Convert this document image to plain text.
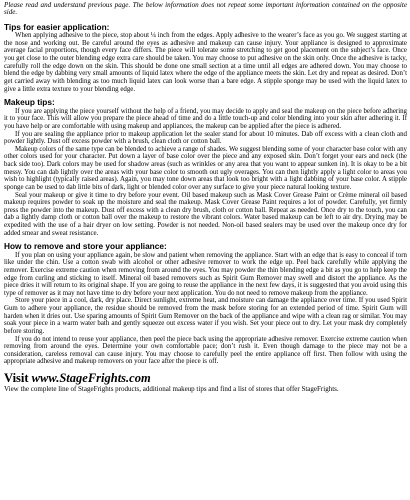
Please read and understand previous page. The below information does not repeat some important information contained on the opposite side.

Tips for easier application:

When applying adhesive to the piece, stop about ¼ inch from the edges. Apply adhesive to the wearer’s face as you go. We suggest starting at the nose and working out. Be careful around the eyes as adhesive and makeup can cause injury. Your appliance is designed to approximate average facial proportions, though every face differs. The piece will tolerate some stretching to get good placement on the subject’s face. Once you get close to the outer blending edge extra care should be taken. You may choose to put adhesive on the skin only. Once the adhesive is tacky, carefully roll the edge down on the skin. This should be done one small section at a time until all edges are adhered down. You may choose to blend the edge by dabbing very small amounts of liquid latex where the edge of the appliance meets the skin. Let dry and repeat as desired. Don’t get carried away with blending as too much liquid latex can look worse than a bare edge. A stipple sponge may be used with the liquid latex to give a little extra texture to your blending edge.

Makeup tips:

If you are applying the piece yourself without the help of a friend, you may decide to apply and seal the makeup on the piece before adhering it to your face. This will allow you prepare the piece ahead of time and do a little touch-up and color blending into your skin after adhering it. If you have help or are comfortable with using makeup and appliances, the makeup can be applied after the piece is adhered.

If you are sealing the appliance prior to makeup application let the sealer stand for about 10 minutes. Dab off excess with a clean cloth and powder lightly. Dust off excess powder with a brush, clean cloth or cotton ball.

Makeup colors of the same type can be blended to achieve a range of shades. We suggest blending some of your character base color with any other colors used for your character. Put down a layer of base color over the piece and any exposed skin. Don’t forget your ears and neck (the back side too). Dark colors may be used for shadow areas (such as wrinkles or any area that you want to appear sunken in). It is okay to be a bit messy. You can dab lightly over the areas with your base color to smooth out ugly overages. You can then lightly apply a light color to areas you wish to highlight (typically raised areas). Again, you may tone down areas that look too bright with a light dabbing of your base color. A stipple sponge can be used to dab little bits of dark, light or blended color over any surface to give your piece natural looking texture.

Seal your makeup or give it time to dry before your event. Oil based makeup such as Mask Cover Grease Paint or Crème mineral oil based makeup requires powder to soak up the moisture and seal the makeup. Mask Cover Grease Paint requires a lot of powder. Carefully, yet firmly press the powder into the makeup. Dust off excess with a clean dry brush, cloth or cotton ball. Repeat as needed. Once dry to the touch, you can dab a lightly damp cloth or cotton ball over the makeup to restore the vibrant colors. Water based makeup can be left to air dry. Drying may be expedited with the use of a hair dryer on low setting. Powder is not needed. Non-oil based sealers may be used over the makeup once dry for added smear and sweat resistance.

How to remove and store your appliance:

If you plan on using your appliance again, be slow and patient when removing the appliance. Start with an edge that is easy to conceal if torn like under the chin. Use a cotton swab with alcohol or other adhesive remover to work the edge up. Peel back carefully while applying the remover. Exercise extreme caution when removing from around the eyes. You may powder the thin blending edge a bit as you go to help keep the edge from curling and sticking to itself. Mineral oil based removers such as Spirit Gum Remover may swell and distort the appliance. As the piece dries it will return to its original shape. If you are going to reuse the appliance in the next few days, it is suggested that you avoid using this type of remover as it may not have time to dry before your next application. You do not need to remove makeup from the appliance.

Store your piece in a cool, dark, dry place. Direct sunlight, extreme heat, and moisture can damage the appliance over time. If you used Spirit Gum to adhere your appliance, the residue should be removed from the mask before storing for an extended period of time. Spirit Gum will harden when it dries out. Use sparing amounts of Spirit Gum Remover on the back of the appliance and wipe with a clean rag or similar. You may soak your piece in a warm water bath and gently squeeze out excess water if you wish. Set your piece out to dry. Let your mask dry completely before storing.

If you do not intend to reuse your appliance, then peel the piece back using the appropriate adhesive remover. Exercise extreme caution when removing from around the eyes. Determine your own comfortable pace; don’t rush it. Even though damage to the piece may not be a consideration, careless removal can cause injury. You may choose to carefully peel the entire appliance off first. Then follow with using the appropriate adhesive and makeup removers on your face after the piece is off.

Visit www.StageFrights.com

View the complete line of StageFrights products, additional makeup tips and find a list of stores that offer StageFrights.
